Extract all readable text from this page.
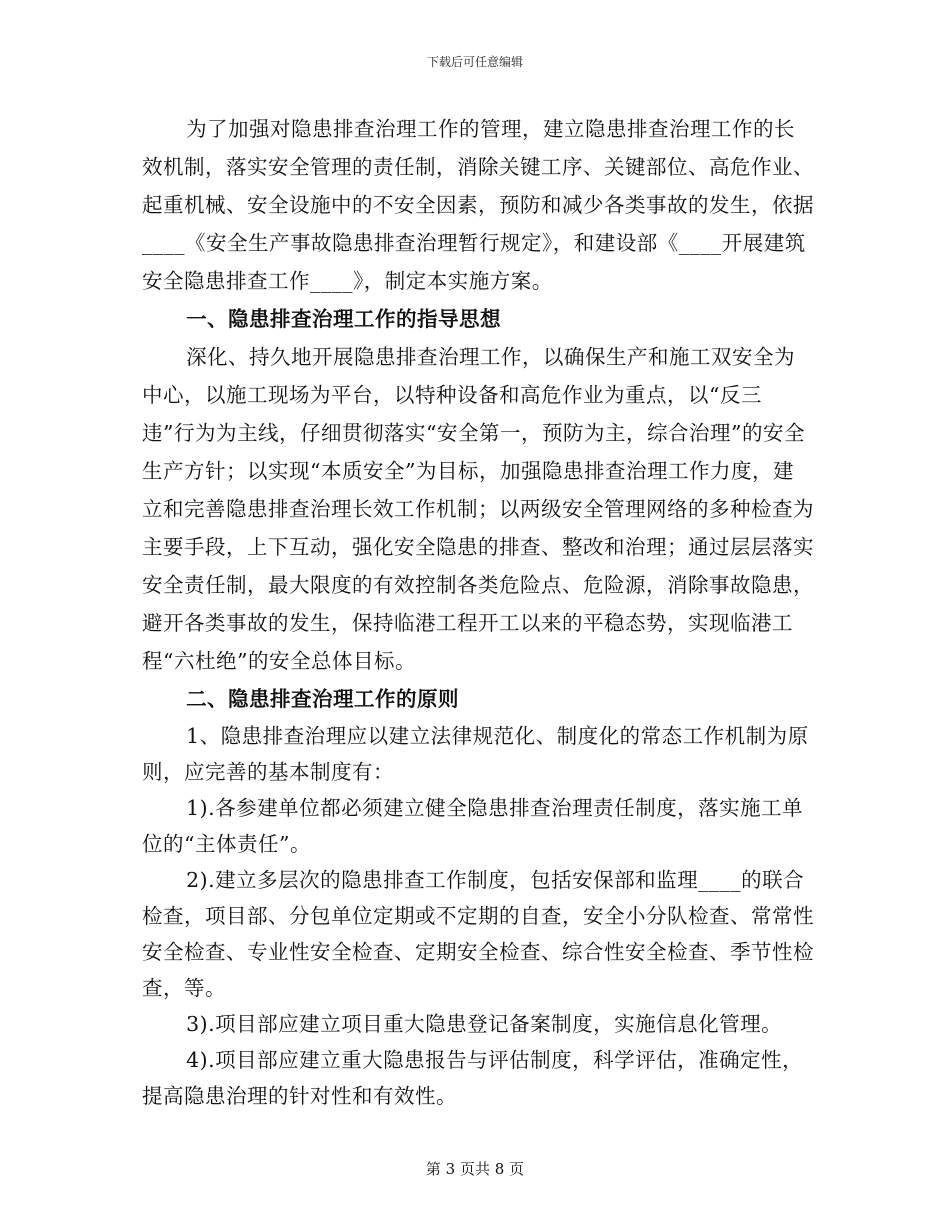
下载后可任意编辑

为了加强对隐患排查治理工作的管理，建立隐患排查治理工作的长效机制，落实安全管理的责任制，消除关键工序、关键部位、高危作业、起重机械、安全设施中的不安全因素，预防和减少各类事故的发生，依据____《安全生产事故隐患排查治理暂行规定》，和建设部《____开展建筑安全隐患排查工作____》，制定本实施方案。

一、隐患排查治理工作的指导思想

深化、持久地开展隐患排查治理工作，以确保生产和施工双安全为中心，以施工现场为平台，以特种设备和高危作业为重点，以“反三违”行为为主线，仔细贯彻落实“安全第一，预防为主，综合治理”的安全生产方针；以实现“本质安全”为目标，加强隐患排查治理工作力度，建立和完善隐患排查治理长效工作机制；以两级安全管理网络的多种检查为主要手段，上下互动，强化安全隐患的排查、整改和治理；通过层层落实安全责任制，最大限度的有效控制各类危险点、危险源，消除事故隐患，避开各类事故的发生，保持临港工程开工以来的平稳态势，实现临港工程“六杜绝”的安全总体目标。

二、隐患排查治理工作的原则

1、隐患排查治理应以建立法律规范化、制度化的常态工作机制为原则，应完善的基本制度有：

1).各参建单位都必须建立健全隐患排查治理责任制度，落实施工单位的“主体责任”。

2).建立多层次的隐患排查工作制度，包括安保部和监理____的联合检查，项目部、分包单位定期或不定期的自查，安全小分队检查、常常性安全检查、专业性安全检查、定期安全检查、综合性安全检查、季节性检查，等。

3).项目部应建立项目重大隐患登记备案制度，实施信息化管理。

4).项目部应建立重大隐患报告与评估制度，科学评估，准确定性，提高隐患治理的针对性和有效性。

第 3 页共 8 页
